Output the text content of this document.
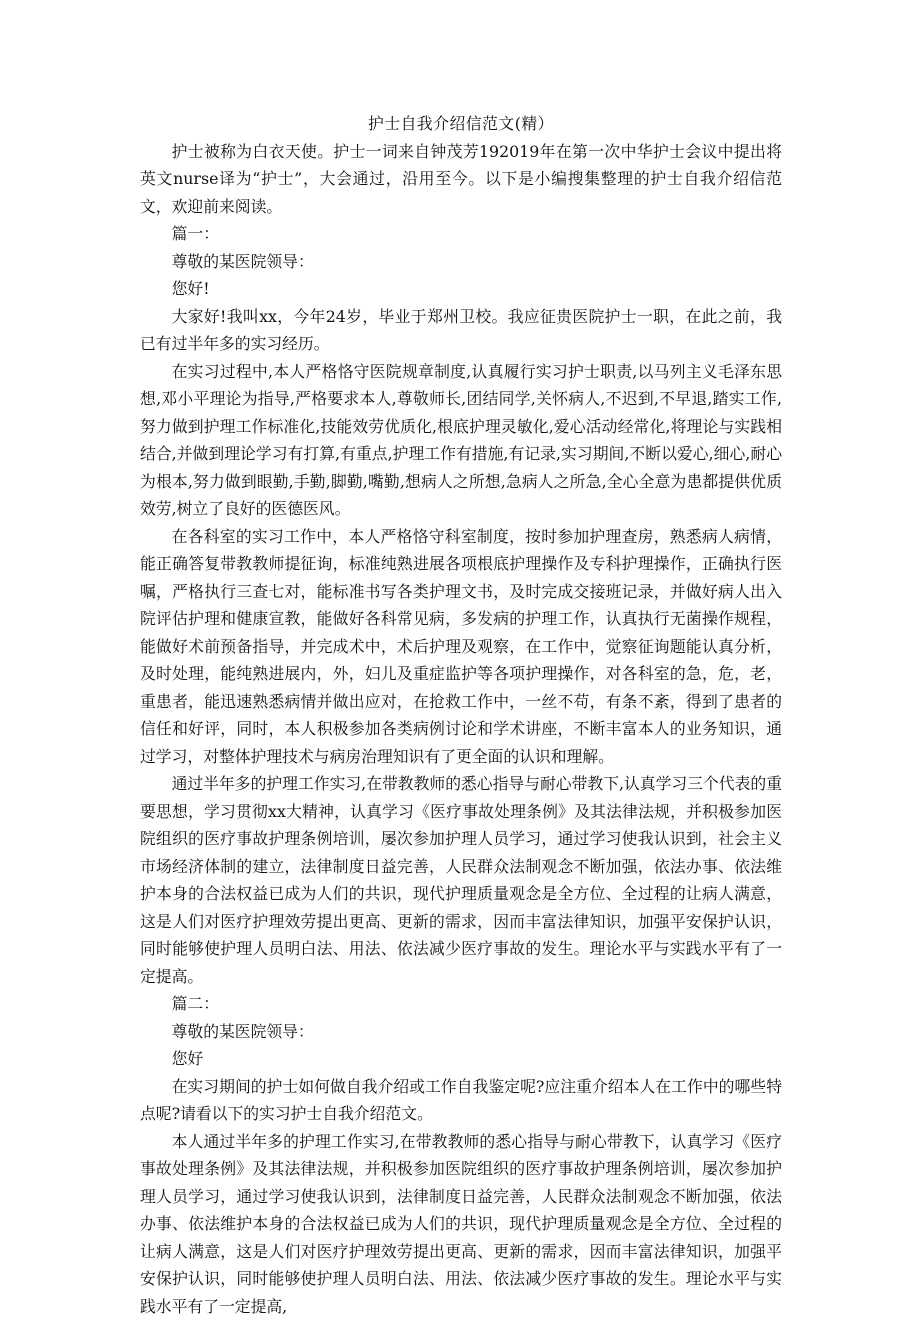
护士自我介绍信范文(精）

护士被称为白衣天使。护士一词来自钟茂芳192019年在第一次中华护士会议中提出将英文nurse译为“护士”，大会通过，沿用至今。以下是小编搜集整理的护士自我介绍信范文，欢迎前来阅读。

篇一：

尊敬的某医院领导：

您好!

大家好!我叫xx，今年24岁，毕业于郑州卫校。我应征贵医院护士一职，在此之前，我已有过半年多的实习经历。

在实习过程中,本人严格恪守医院规章制度,认真履行实习护士职责,以马列主义毛泽东思想,邓小平理论为指导,严格要求本人,尊敬师长,团结同学,关怀病人,不迟到,不早退,踏实工作,努力做到护理工作标准化,技能效劳优质化,根底护理灵敏化,爱心活动经常化,将理论与实践相结合,并做到理论学习有打算,有重点,护理工作有措施,有记录,实习期间,不断以爱心,细心,耐心为根本,努力做到眼勤,手勤,脚勤,嘴勤,想病人之所想,急病人之所急,全心全意为患都提供优质效劳,树立了良好的医德医风。

在各科室的实习工作中，本人严格恪守科室制度，按时参加护理查房，熟悉病人病情，能正确答复带教教师提征询，标准纯熟进展各项根底护理操作及专科护理操作，正确执行医嘱，严格执行三查七对，能标准书写各类护理文书，及时完成交接班记录，并做好病人出入院评估护理和健康宣教，能做好各科常见病，多发病的护理工作，认真执行无菌操作规程，能做好术前预备指导，并完成术中，术后护理及观察，在工作中，觉察征询题能认真分析，及时处理，能纯熟进展内，外，妇儿及重症监护等各项护理操作，对各科室的急，危，老，重患者，能迅速熟悉病情并做出应对，在抢救工作中，一丝不苟，有条不紊，得到了患者的信任和好评，同时，本人积极参加各类病例讨论和学术讲座，不断丰富本人的业务知识，通过学习，对整体护理技术与病房治理知识有了更全面的认识和理解。

通过半年多的护理工作实习,在带教教师的悉心指导与耐心带教下,认真学习三个代表的重要思想，学习贯彻xx大精神，认真学习《医疗事故处理条例》及其法律法规，并积极参加医院组织的医疗事故护理条例培训，屡次参加护理人员学习，通过学习使我认识到，社会主义市场经济体制的建立，法律制度日益完善，人民群众法制观念不断加强，依法办事、依法维护本身的合法权益已成为人们的共识，现代护理质量观念是全方位、全过程的让病人满意，这是人们对医疗护理效劳提出更高、更新的需求，因而丰富法律知识，加强平安保护认识，同时能够使护理人员明白法、用法、依法减少医疗事故的发生。理论水平与实践水平有了一定提高。

篇二：

尊敬的某医院领导：

您好

在实习期间的护士如何做自我介绍或工作自我鉴定呢?应注重介绍本人在工作中的哪些特点呢?请看以下的实习护士自我介绍范文。

本人通过半年多的护理工作实习,在带教教师的悉心指导与耐心带教下，认真学习《医疗事故处理条例》及其法律法规，并积极参加医院组织的医疗事故护理条例培训，屡次参加护理人员学习，通过学习使我认识到，法律制度日益完善，人民群众法制观念不断加强，依法办事、依法维护本身的合法权益已成为人们的共识，现代护理质量观念是全方位、全过程的让病人满意，这是人们对医疗护理效劳提出更高、更新的需求，因而丰富法律知识，加强平安保护认识，同时能够使护理人员明白法、用法、依法减少医疗事故的发生。理论水平与实践水平有了一定提高,
